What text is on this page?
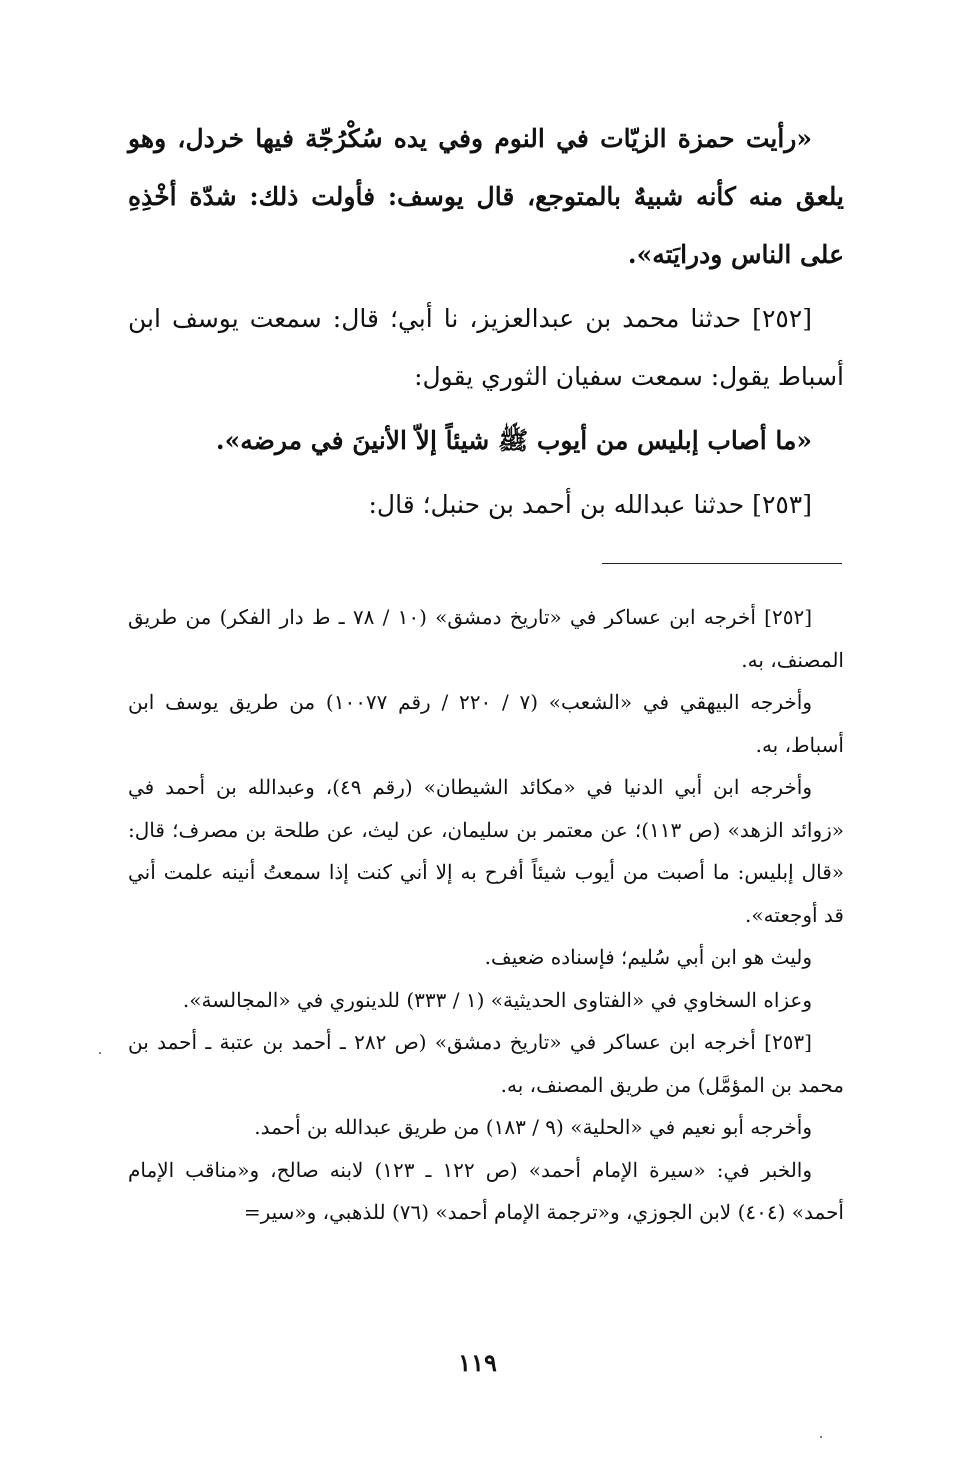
«رأيت حمزة الزيّات في النوم وفي يده سُكْرُجّة فيها خردل، وهو يلعق منه كأنه شبيهٌ بالمتوجع، قال يوسف: فأولت ذلك: شدّة أخْذِهِ على الناس ودرايَته».

[٢٥٢] حدثنا محمد بن عبدالعزيز، نا أبي؛ قال: سمعت يوسف ابن أسباط يقول: سمعت سفيان الثوري يقول:

«ما أصاب إبليس من أيوب ﷺ شيئاً إلاّ الأنينَ في مرضه».

[٢٥٣] حدثنا عبدالله بن أحمد بن حنبل؛ قال:

[٢٥٢] أخرجه ابن عساكر في «تاريخ دمشق» (١٠ / ٧٨ ـ ط دار الفكر) من طريق المصنف، به.

وأخرجه البيهقي في «الشعب» (٧ / ٢٢٠ / رقم ١٠٠٧٧) من طريق يوسف ابن أسباط، به.

وأخرجه ابن أبي الدنيا في «مكائد الشيطان» (رقم ٤٩)، وعبدالله بن أحمد في «زوائد الزهد» (ص ١١٣)؛ عن معتمر بن سليمان، عن ليث، عن طلحة بن مصرف؛ قال: «قال إبليس: ما أصبت من أيوب شيئاً أفرح به إلا أني كنت إذا سمعتُ أنينه علمت أني قد أوجعته».

وليث هو ابن أبي سُليم؛ فإسناده ضعيف.

وعزاه السخاوي في «الفتاوى الحديثية» (١ / ٣٣٣) للدينوري في «المجالسة».

[٢٥٣] أخرجه ابن عساكر في «تاريخ دمشق» (ص ٢٨٢ ـ أحمد بن عتبة ـ أحمد بن محمد بن المؤمَّل) من طريق المصنف، به.

وأخرجه أبو نعيم في «الحلية» (٩ / ١٨٣) من طريق عبدالله بن أحمد.

والخبر في: «سيرة الإمام أحمد» (ص ١٢٢ ـ ١٢٣) لابنه صالح، و«مناقب الإمام أحمد» (٤٠٤) لابن الجوزي، و«ترجمة الإمام أحمد» (٧٦) للذهبي، و«سير=

١١٩
